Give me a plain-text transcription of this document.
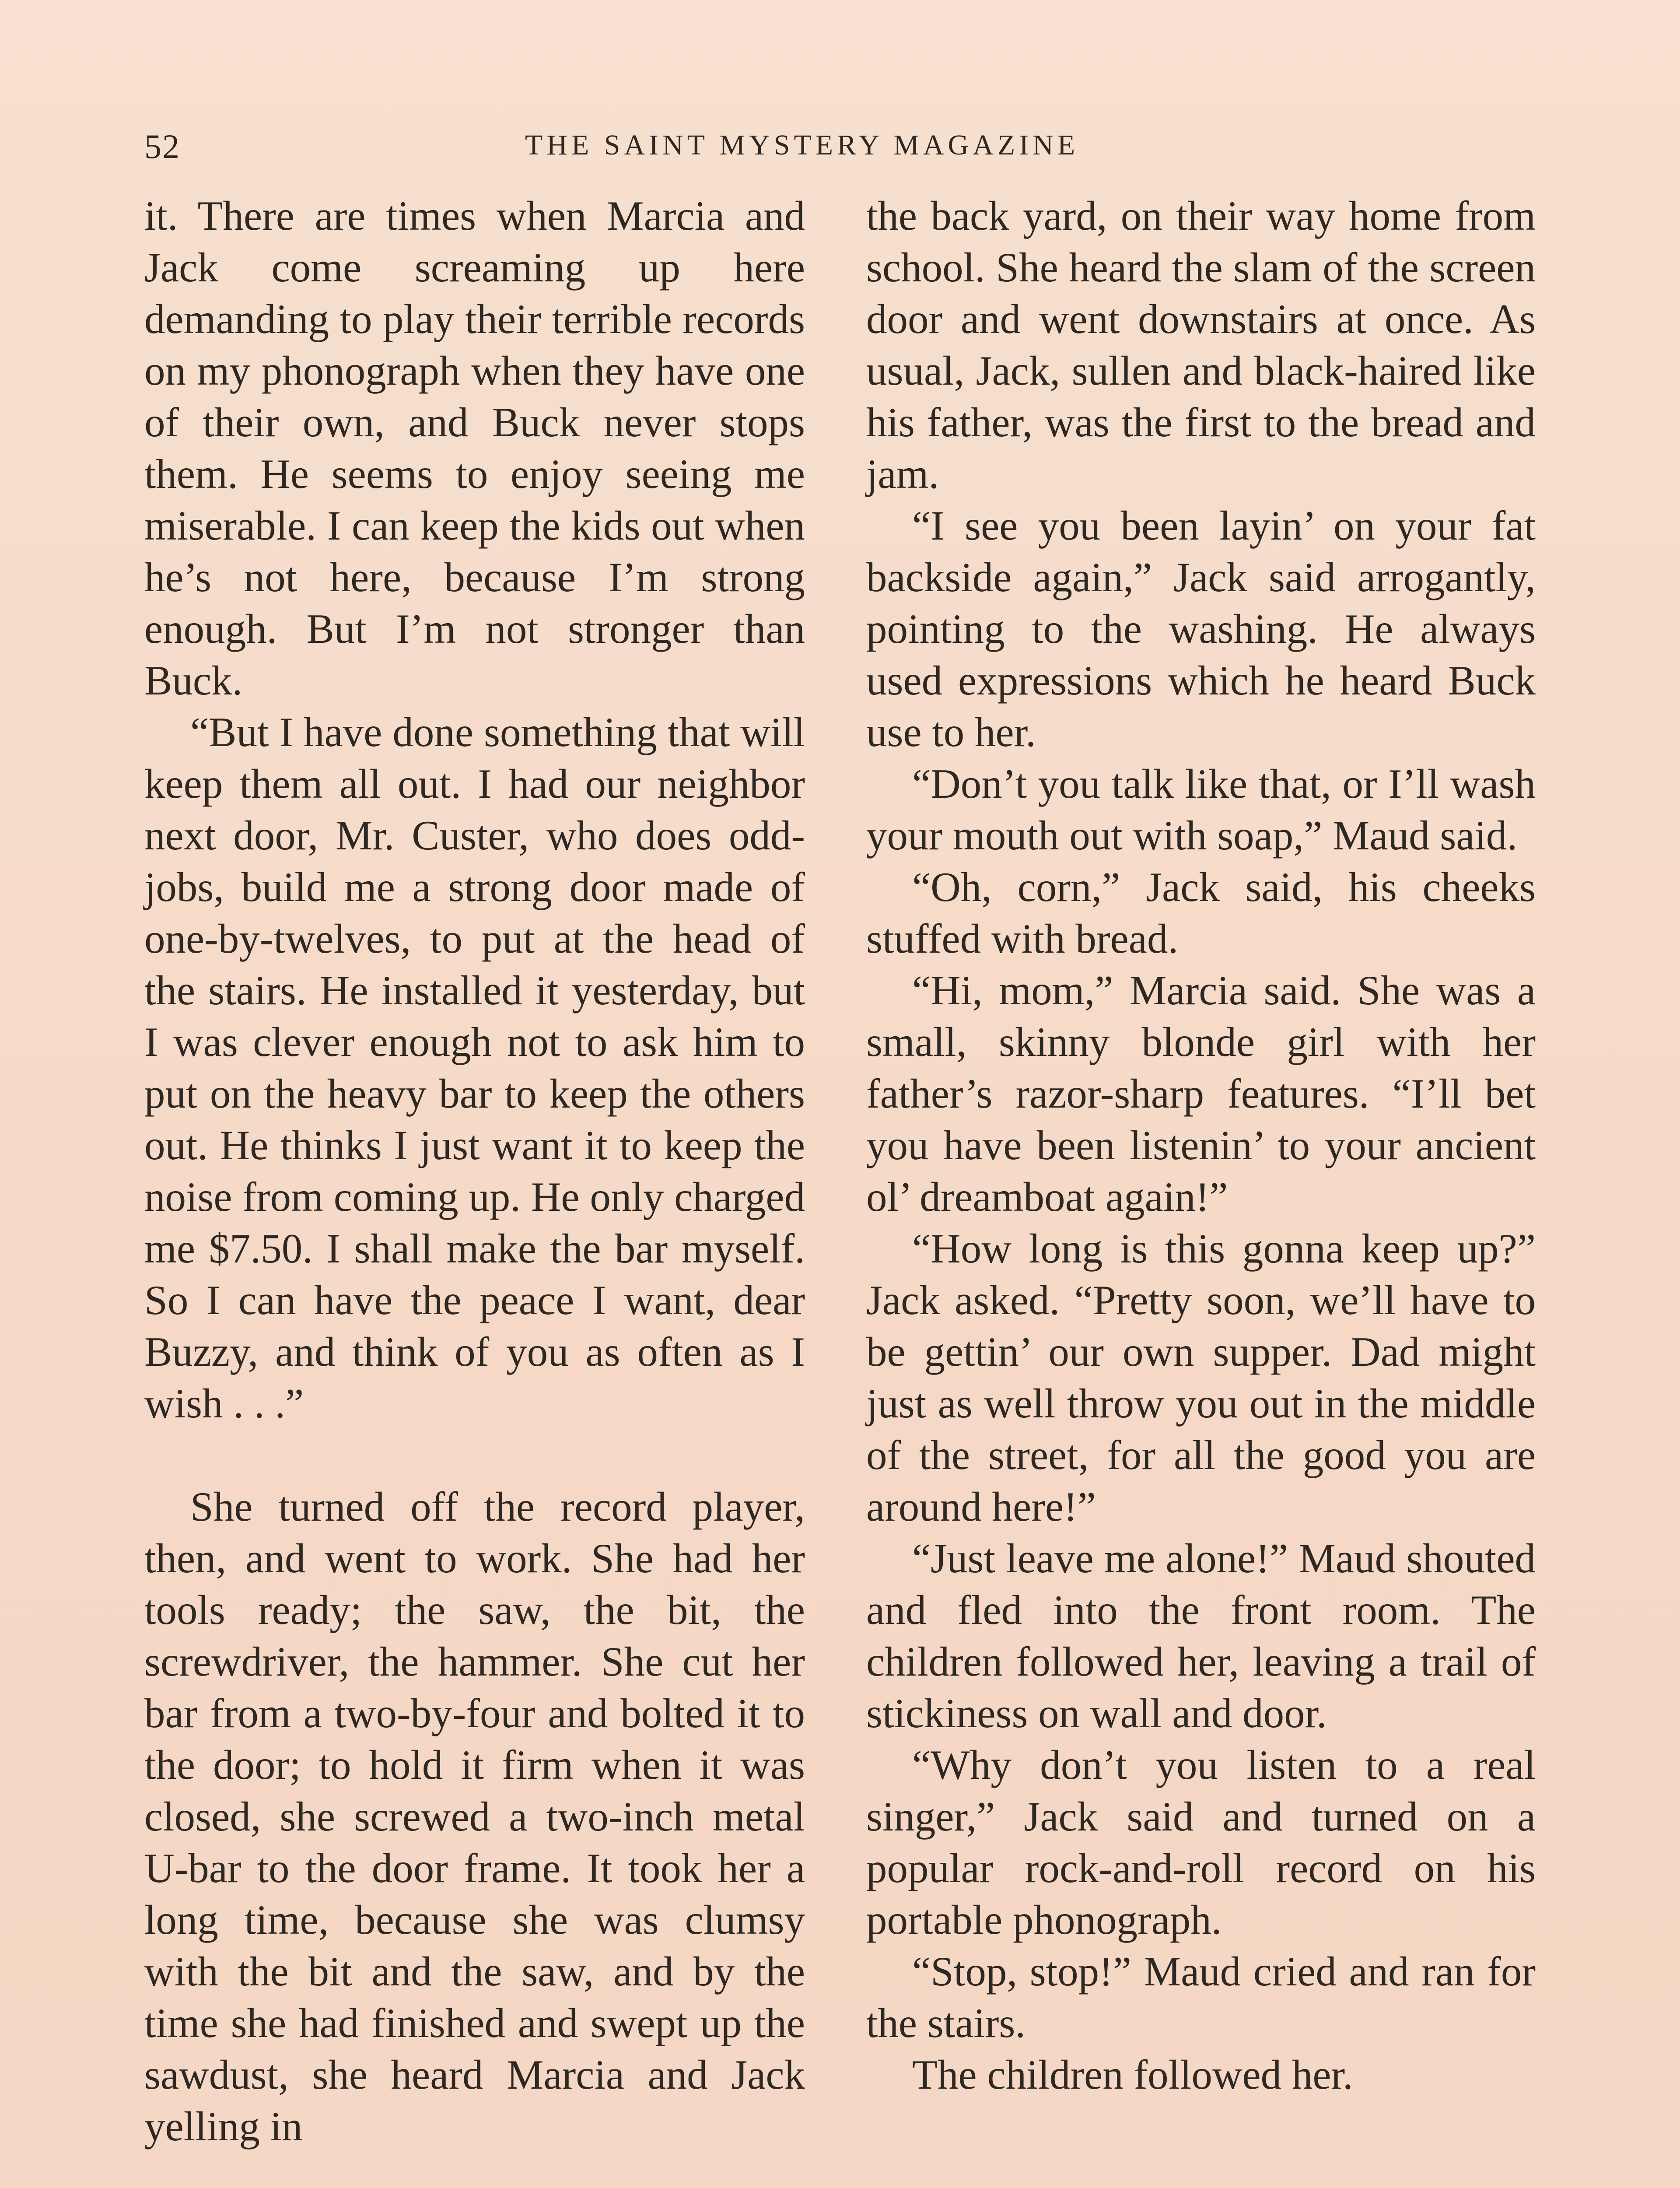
52	THE SAINT MYSTERY MAGAZINE

it. There are times when Marcia and Jack come screaming up here demanding to play their terrible records on my phonograph when they have one of their own, and Buck never stops them. He seems to enjoy seeing me miserable. I can keep the kids out when he’s not here, because I’m strong enough. But I’m not stronger than Buck.

“But I have done something that will keep them all out. I had our neighbor next door, Mr. Custer, who does odd-jobs, build me a strong door made of one-by-twelves, to put at the head of the stairs. He installed it yesterday, but I was clever enough not to ask him to put on the heavy bar to keep the others out. He thinks I just want it to keep the noise from coming up. He only charged me $7.50. I shall make the bar myself. So I can have the peace I want, dear Buzzy, and think of you as often as I wish . . .”

She turned off the record player, then, and went to work. She had her tools ready; the saw, the bit, the screwdriver, the hammer. She cut her bar from a two-by-four and bolted it to the door; to hold it firm when it was closed, she screwed a two-inch metal U-bar to the door frame. It took her a long time, because she was clumsy with the bit and the saw, and by the time she had finished and swept up the sawdust, she heard Marcia and Jack yelling in

the back yard, on their way home from school. She heard the slam of the screen door and went downstairs at once. As usual, Jack, sullen and black-haired like his father, was the first to the bread and jam.

“I see you been layin’ on your fat backside again,” Jack said arrogantly, pointing to the washing. He always used expressions which he heard Buck use to her.

“Don’t you talk like that, or I’ll wash your mouth out with soap,” Maud said.

“Oh, corn,” Jack said, his cheeks stuffed with bread.

“Hi, mom,” Marcia said. She was a small, skinny blonde girl with her father’s razor-sharp features. “I’ll bet you have been listenin’ to your ancient ol’ dreamboat again!”

“How long is this gonna keep up?” Jack asked. “Pretty soon, we’ll have to be gettin’ our own supper. Dad might just as well throw you out in the middle of the street, for all the good you are around here!”

“Just leave me alone!” Maud shouted and fled into the front room. The children followed her, leaving a trail of stickiness on wall and door.

“Why don’t you listen to a real singer,” Jack said and turned on a popular rock-and-roll record on his portable phonograph.

“Stop, stop!” Maud cried and ran for the stairs.

The children followed her.
